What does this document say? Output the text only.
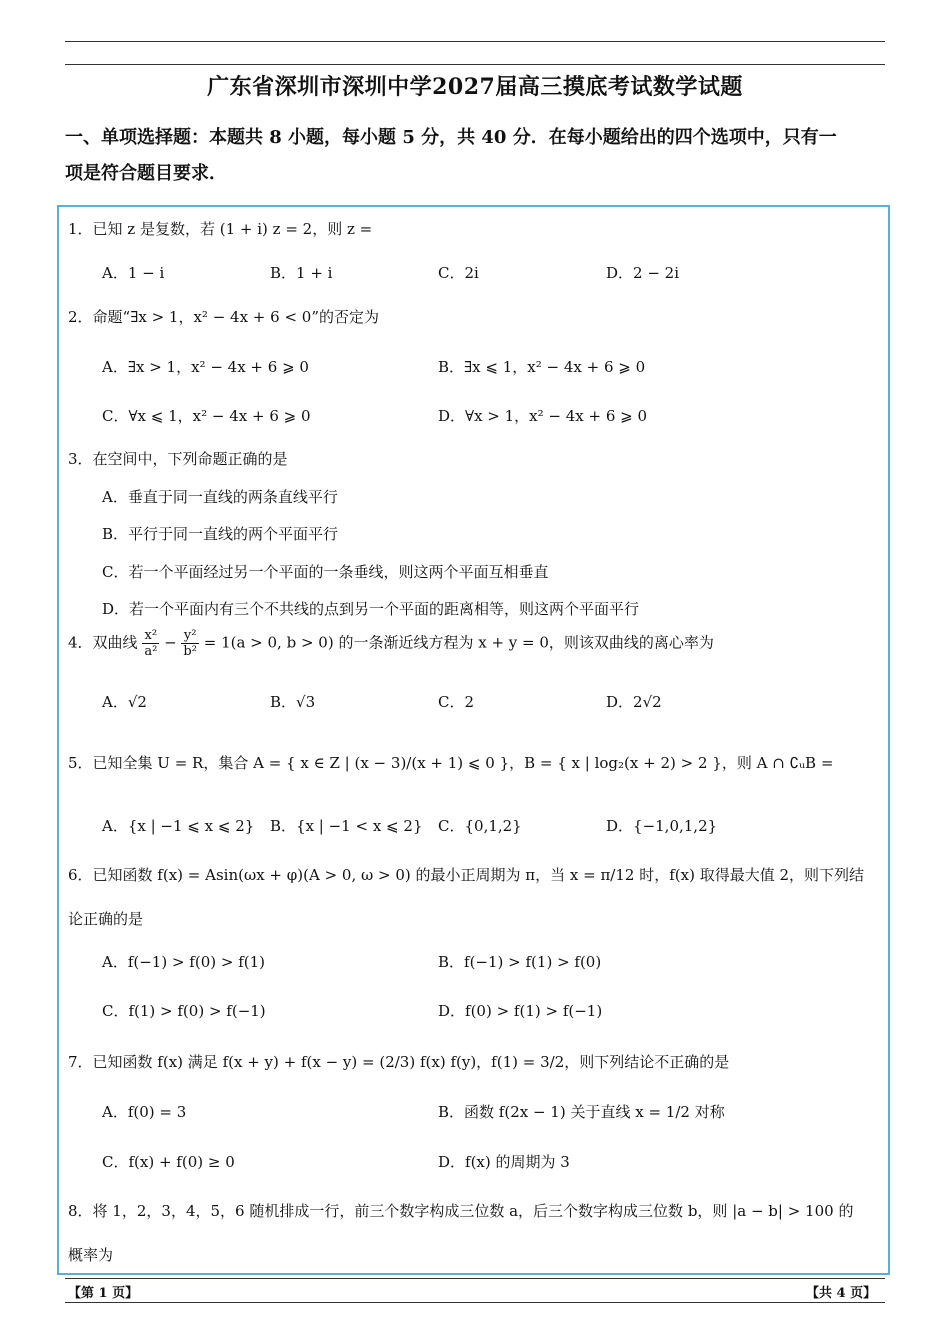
广东省深圳市深圳中学2027届高三摸底考试数学试题
一、单项选择题：本题共 8 小题，每小题 5 分，共 40 分．在每小题给出的四个选项中，只有一
项是符合题目要求．
1．已知 z 是复数，若 (1 + i) z = 2，则 z =
A．1 − i	B．1 + i	C．2i	D．2 − 2i
2．命题“∃x > 1，x² − 4x + 6 < 0”的否定为
A．∃x > 1，x² − 4x + 6 ⩾ 0	B．∃x ⩽ 1，x² − 4x + 6 ⩾ 0
C．∀x ⩽ 1，x² − 4x + 6 ⩾ 0	D．∀x > 1，x² − 4x + 6 ⩾ 0
3．在空间中，下列命题正确的是
A．垂直于同一直线的两条直线平行
B．平行于同一直线的两个平面平行
C．若一个平面经过另一个平面的一条垂线，则这两个平面互相垂直
D．若一个平面内有三个不共线的点到另一个平面的距离相等，则这两个平面平行
4．双曲线 $\frac{\text{x²}}{\text{a²}} - \frac{\text{y²}}{\text{b²}} = 1(a > 0$, b > 0) 的一条渐近线方程为 x + y = 0，则该双曲线的离心率为
A．√2	B．√3	C．2	D．2√2
5．已知全集 U = R，集合 A = { x ∈ Z | (x − 3)/(x + 1) ⩽ 0 }，B = { x | log₂(x + 2) > 2 }，则 A ∩ ∁ᵤB =
A．{x | −1 ⩽ x ⩽ 2} B．{x | −1 < x ⩽ 2} C．{0,1,2}	D．{−1,0,1,2}
6．已知函数 f(x) = Asin(ωx + φ)(A > 0, ω > 0) 的最小正周期为 π，当 x = π/12 时，f(x) 取得最大值 2，则下列结
论正确的是
A．f(−1) > f(0) > f(1)	B．f(−1) > f(1) > f(0)
C．f(1) > f(0) > f(−1)	D．f(0) > f(1) > f(−1)
7．已知函数 f(x) 满足 f(x + y) + f(x − y) = (2/3) f(x) f(y)，f(1) = 3/2，则下列结论不正确的是
A．f(0) = 3	B．函数 f(2x − 1) 关于直线 x = 1/2 对称
C．f(x) + f(0) ≥ 0	D．f(x) 的周期为 3
8．将 1，2，3，4，5，6 随机排成一行，前三个数字构成三位数 a，后三个数字构成三位数 b，则 |a − b| > 100 的
概率为
【第 1 页】	【共 4 页】
